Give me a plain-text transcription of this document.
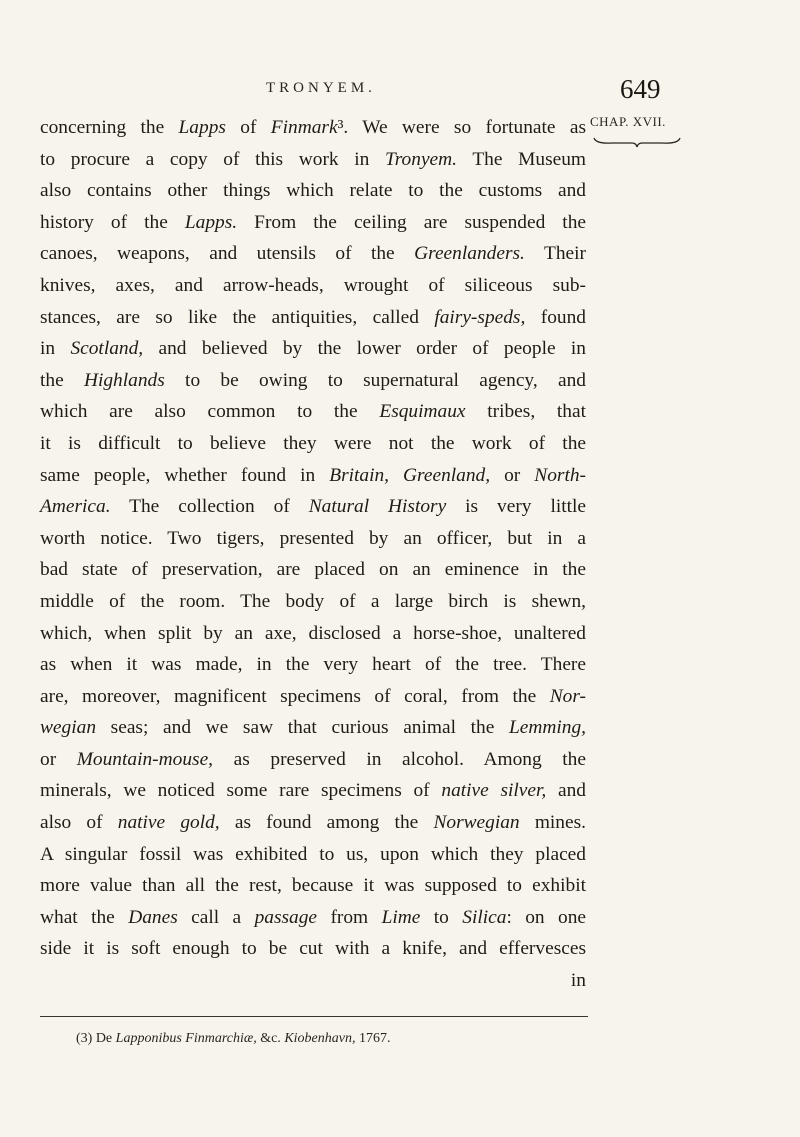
TRONYEM.	649
CHAP. XVII.
concerning the Lapps of Finmark³. We were so fortunate as
to procure a copy of this work in Tronyem. The Museum
also contains other things which relate to the customs and
history of the Lapps. From the ceiling are suspended the
canoes, weapons, and utensils of the Greenlanders. Their
knives, axes, and arrow-heads, wrought of siliceous sub-
stances, are so like the antiquities, called fairy-speds, found
in Scotland, and believed by the lower order of people in
the Highlands to be owing to supernatural agency, and
which are also common to the Esquimaux tribes, that
it is difficult to believe they were not the work of the
same people, whether found in Britain, Greenland, or North-
America. The collection of Natural History is very little
worth notice. Two tigers, presented by an officer, but in a
bad state of preservation, are placed on an eminence in the
middle of the room. The body of a large birch is shewn,
which, when split by an axe, disclosed a horse-shoe, unaltered
as when it was made, in the very heart of the tree. There
are, moreover, magnificent specimens of coral, from the Nor-
wegian seas; and we saw that curious animal the Lemming,
or Mountain-mouse, as preserved in alcohol. Among the
minerals, we noticed some rare specimens of native silver, and
also of native gold, as found among the Norwegian mines.
A singular fossil was exhibited to us, upon which they placed
more value than all the rest, because it was supposed to exhibit
what the Danes call a passage from Lime to Silica: on one
side it is soft enough to be cut with a knife, and effervesces
in
(3) De Lapponibus Finmarchiæ, &c. Kiobenhavn, 1767.
